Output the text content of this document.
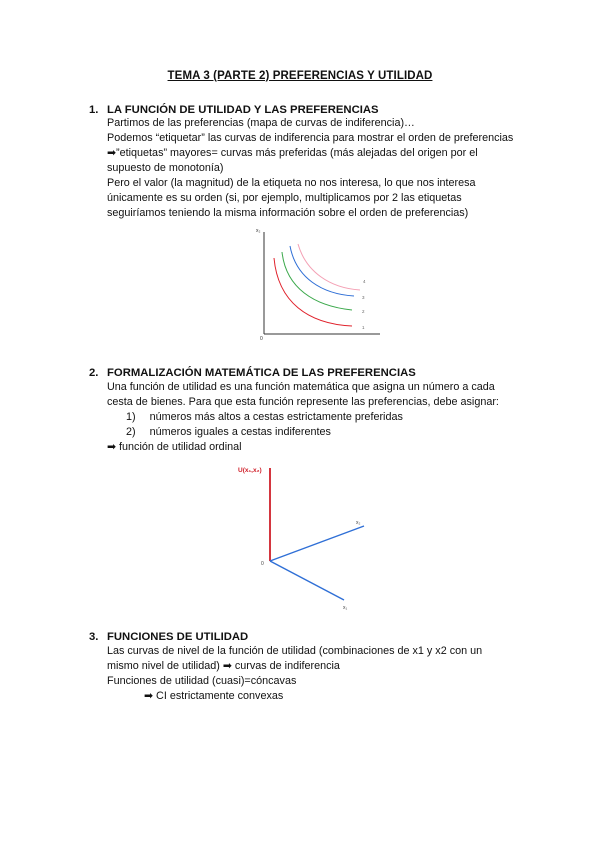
TEMA 3 (PARTE 2) PREFERENCIAS Y UTILIDAD
1. LA FUNCIÓN DE UTILIDAD Y LAS PREFERENCIAS
Partimos de las preferencias (mapa de curvas de indiferencia)…
Podemos “etiquetar” las curvas de indiferencia para mostrar el orden de preferencias
➡”etiquetas” mayores= curvas más preferidas (más alejadas del origen por el
supuesto de monotonía)
Pero el valor (la magnitud) de la etiqueta no nos interesa, lo que nos interesa
únicamente es su orden (si, por ejemplo, multiplicamos por 2 las etiquetas
seguiríamos teniendo la misma información sobre el orden de preferencias)
x₂
0
4
3
2
1
2. FORMALIZACIÓN MATEMÁTICA DE LAS PREFERENCIAS
Una función de utilidad es una función matemática que asigna un número a cada
cesta de bienes. Para que esta función represente las preferencias, debe asignar:
1) números más altos a cestas estrictamente preferidas
2) números iguales a cestas indiferentes
➡ función de utilidad ordinal
U(x₁,x₂)
x₂
x₁
0
3. FUNCIONES DE UTILIDAD
Las curvas de nivel de la función de utilidad (combinaciones de x1 y x2 con un
mismo nivel de utilidad) ➡ curvas de indiferencia
Funciones de utilidad (cuasi)=cóncavas
➡ CI estrictamente convexas
